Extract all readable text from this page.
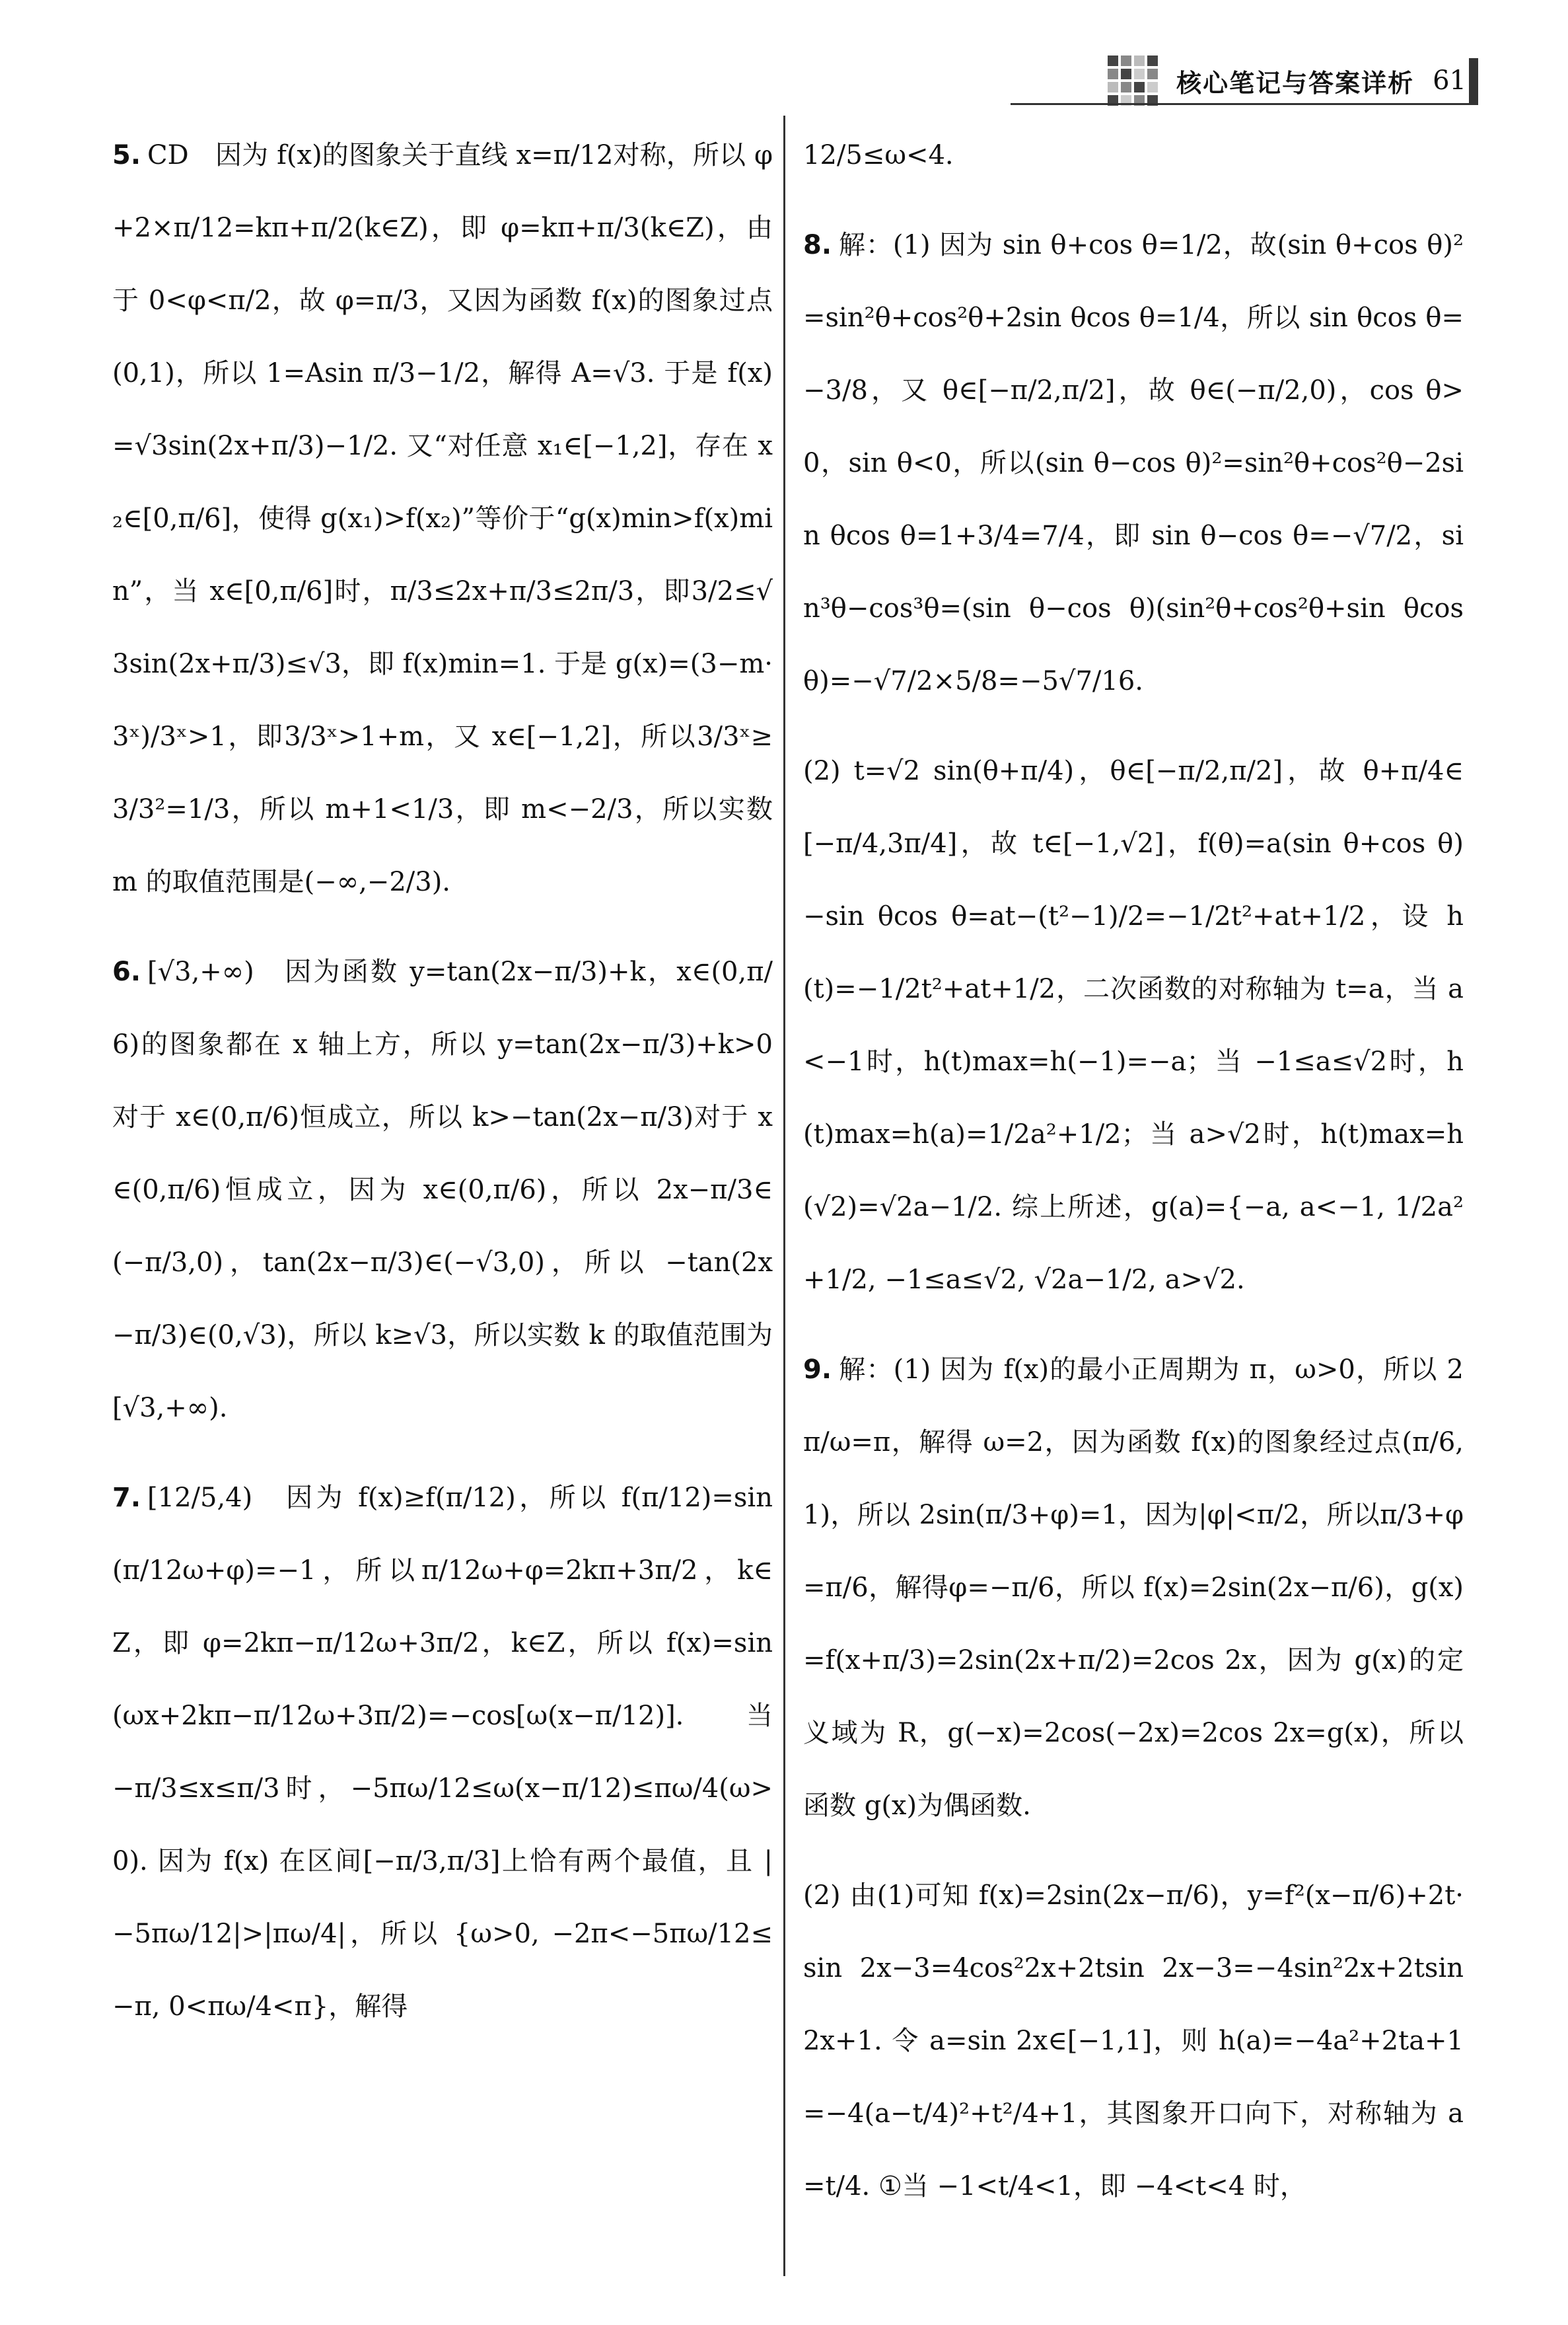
核心笔记与答案详析 61

5. CD　因为 f(x)的图象关于直线 x=π/12对称，所以 φ+2×π/12=kπ+π/2(k∈Z)，即 φ=kπ+π/3(k∈Z)，由于 0<φ<π/2，故 φ=π/3，又因为函数 f(x)的图象过点(0,1)，所以 1=Asin π/3−1/2，解得 A=√3. 于是 f(x)=√3sin(2x+π/3)−1/2. 又“对任意 x₁∈[−1,2]，存在 x₂∈[0,π/6]，使得 g(x₁)>f(x₂)”等价于“g(x)min>f(x)min”，当 x∈[0,π/6]时，π/3≤2x+π/3≤2π/3，即3/2≤√3sin(2x+π/3)≤√3，即 f(x)min=1. 于是 g(x)=(3−m·3ˣ)/3ˣ>1，即3/3ˣ>1+m，又 x∈[−1,2]，所以3/3ˣ≥3/3²=1/3，所以 m+1<1/3，即 m<−2/3，所以实数 m 的取值范围是(−∞,−2/3).

6. [√3,+∞)　因为函数 y=tan(2x−π/3)+k，x∈(0,π/6)的图象都在 x 轴上方，所以 y=tan(2x−π/3)+k>0 对于 x∈(0,π/6)恒成立，所以 k>−tan(2x−π/3)对于 x∈(0,π/6)恒成立，因为 x∈(0,π/6)，所以 2x−π/3∈(−π/3,0)，tan(2x−π/3)∈(−√3,0)，所以 −tan(2x−π/3)∈(0,√3)，所以 k≥√3，所以实数 k 的取值范围为[√3,+∞).

7. [12/5,4)　因为 f(x)≥f(π/12)，所以 f(π/12)=sin(π/12ω+φ)=−1，所以π/12ω+φ=2kπ+3π/2，k∈Z，即 φ=2kπ−π/12ω+3π/2，k∈Z，所以 f(x)=sin(ωx+2kπ−π/12ω+3π/2)=−cos[ω(x−π/12)]. 当 −π/3≤x≤π/3时，−5πω/12≤ω(x−π/12)≤πω/4(ω>0). 因为 f(x) 在区间[−π/3,π/3]上恰有两个最值，且 |−5πω/12|>|πω/4|，所以 {ω>0, −2π<−5πω/12≤−π, 0<πω/4<π}，解得

12/5≤ω<4.

8. 解：(1) 因为 sin θ+cos θ=1/2，故(sin θ+cos θ)²=sin²θ+cos²θ+2sin θcos θ=1/4，所以 sin θcos θ=−3/8，又 θ∈[−π/2,π/2]，故 θ∈(−π/2,0)，cos θ>0，sin θ<0，所以(sin θ−cos θ)²=sin²θ+cos²θ−2sin θcos θ=1+3/4=7/4，即 sin θ−cos θ=−√7/2，sin³θ−cos³θ=(sin θ−cos θ)(sin²θ+cos²θ+sin θcos θ)=−√7/2×5/8=−5√7/16.

(2) t=√2 sin(θ+π/4)，θ∈[−π/2,π/2]，故 θ+π/4∈[−π/4,3π/4]，故 t∈[−1,√2]，f(θ)=a(sin θ+cos θ)−sin θcos θ=at−(t²−1)/2=−1/2t²+at+1/2，设 h(t)=−1/2t²+at+1/2，二次函数的对称轴为 t=a，当 a<−1时，h(t)max=h(−1)=−a；当 −1≤a≤√2时，h(t)max=h(a)=1/2a²+1/2；当 a>√2时，h(t)max=h(√2)=√2a−1/2. 综上所述，g(a)={−a, a<−1, 1/2a²+1/2, −1≤a≤√2, √2a−1/2, a>√2.

9. 解：(1) 因为 f(x)的最小正周期为 π，ω>0，所以 2π/ω=π，解得 ω=2，因为函数 f(x)的图象经过点(π/6,1)，所以 2sin(π/3+φ)=1，因为|φ|<π/2，所以π/3+φ=π/6，解得φ=−π/6，所以 f(x)=2sin(2x−π/6)，g(x)=f(x+π/3)=2sin(2x+π/2)=2cos 2x，因为 g(x)的定义域为 R，g(−x)=2cos(−2x)=2cos 2x=g(x)，所以函数 g(x)为偶函数.

(2) 由(1)可知 f(x)=2sin(2x−π/6)，y=f²(x−π/6)+2t·sin 2x−3=4cos²2x+2tsin 2x−3=−4sin²2x+2tsin 2x+1. 令 a=sin 2x∈[−1,1]，则 h(a)=−4a²+2ta+1=−4(a−t/4)²+t²/4+1，其图象开口向下，对称轴为 a=t/4. ①当 −1<t/4<1，即 −4<t<4 时，
